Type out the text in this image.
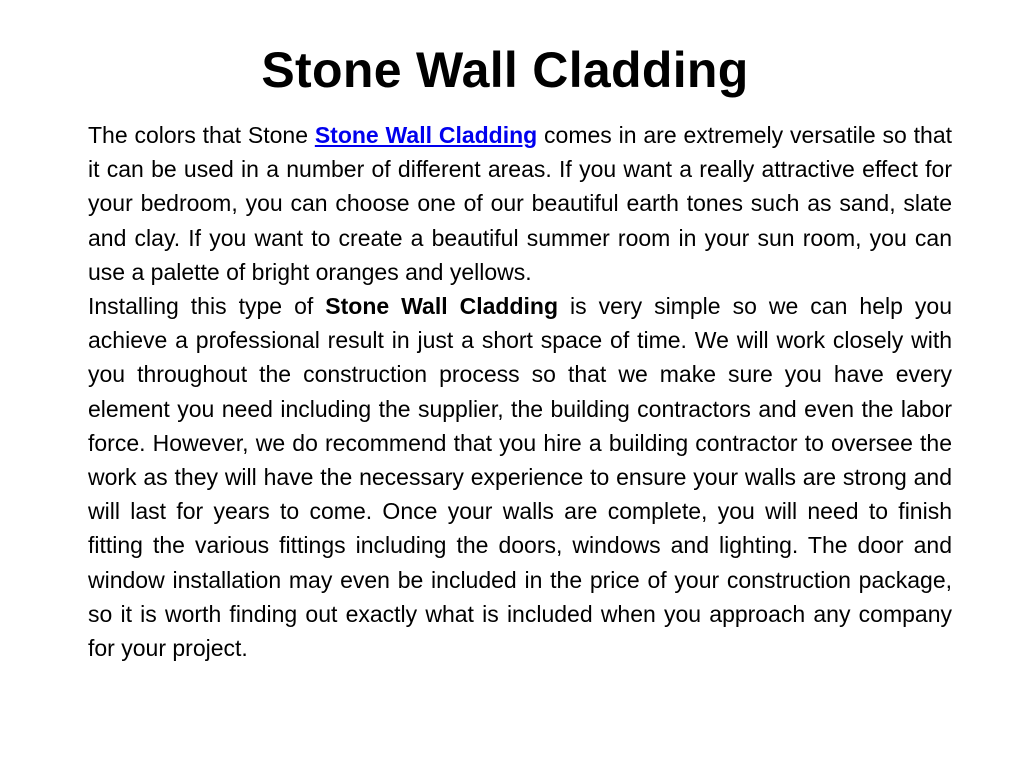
Stone Wall Cladding

The colors that Stone Stone Wall Cladding comes in are extremely versatile so that it can be used in a number of different areas. If you want a really attractive effect for your bedroom, you can choose one of our beautiful earth tones such as sand, slate and clay. If you want to create a beautiful summer room in your sun room, you can use a palette of bright oranges and yellows.

Installing this type of Stone Wall Cladding is very simple so we can help you achieve a professional result in just a short space of time. We will work closely with you throughout the construction process so that we make sure you have every element you need including the supplier, the building contractors and even the labor force. However, we do recommend that you hire a building contractor to oversee the work as they will have the necessary experience to ensure your walls are strong and will last for years to come. Once your walls are complete, you will need to finish fitting the various fittings including the doors, windows and lighting. The door and window installation may even be included in the price of your construction package, so it is worth finding out exactly what is included when you approach any company for your project.
